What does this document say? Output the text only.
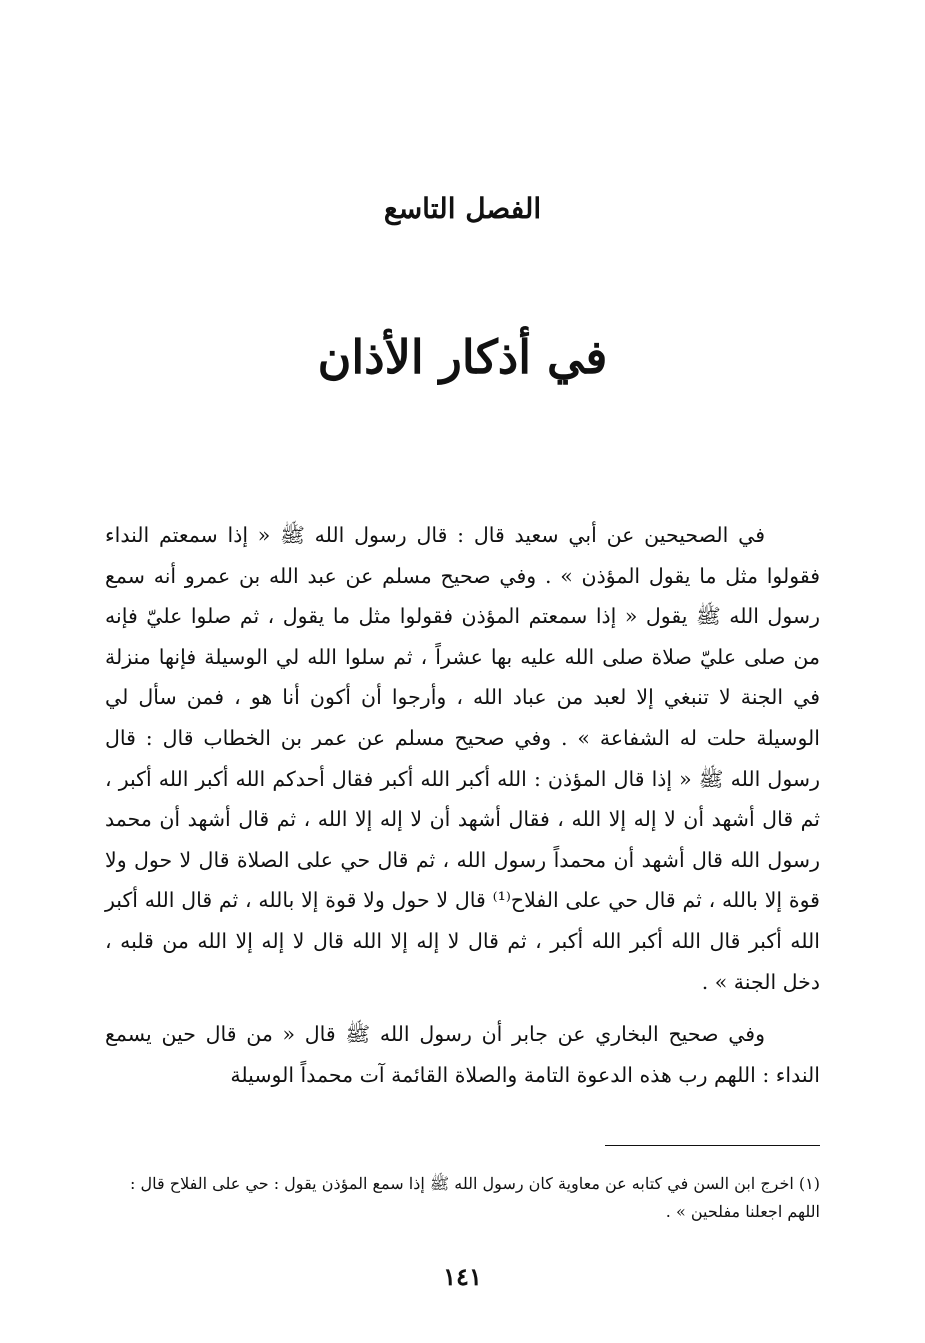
الفصل التاسع
في أذكار الأذان

في الصحيحين عن أبي سعيد قال : قال رسول الله ﷺ « إذا سمعتم النداء فقولوا مثل ما يقول المؤذن » . وفي صحيح مسلم عن عبد الله بن عمرو أنه سمع رسول الله ﷺ يقول « إذا سمعتم المؤذن فقولوا مثل ما يقول ، ثم صلوا عليّ فإنه من صلى عليّ صلاة صلى الله عليه بها عشراً ، ثم سلوا الله لي الوسيلة فإنها منزلة في الجنة لا تنبغي إلا لعبد من عباد الله ، وأرجوا أن أكون أنا هو ، فمن سأل لي الوسيلة حلت له الشفاعة » . وفي صحيح مسلم عن عمر بن الخطاب قال : قال رسول الله ﷺ « إذا قال المؤذن : الله أكبر الله أكبر فقال أحدكم الله أكبر الله أكبر ، ثم قال أشهد أن لا إله إلا الله ، فقال أشهد أن لا إله إلا الله ، ثم قال أشهد أن محمد رسول الله قال أشهد أن محمداً رسول الله ، ثم قال حي على الصلاة قال لا حول ولا قوة إلا بالله ، ثم قال حي على الفلاح⁽¹⁾ قال لا حول ولا قوة إلا بالله ، ثم قال الله أكبر الله أكبر قال الله أكبر الله أكبر ، ثم قال لا إله إلا الله قال لا إله إلا الله من قلبه ، دخل الجنة » .

وفي صحيح البخاري عن جابر أن رسول الله ﷺ قال « من قال حين يسمع النداء : اللهم رب هذه الدعوة التامة والصلاة القائمة آت محمداً الوسيلة

(١) اخرج ابن السن في كتابه عن معاوية كان رسول الله ﷺ إذا سمع المؤذن يقول : حي على الفلاح قال : اللهم اجعلنا مفلحين » .
١٤١
